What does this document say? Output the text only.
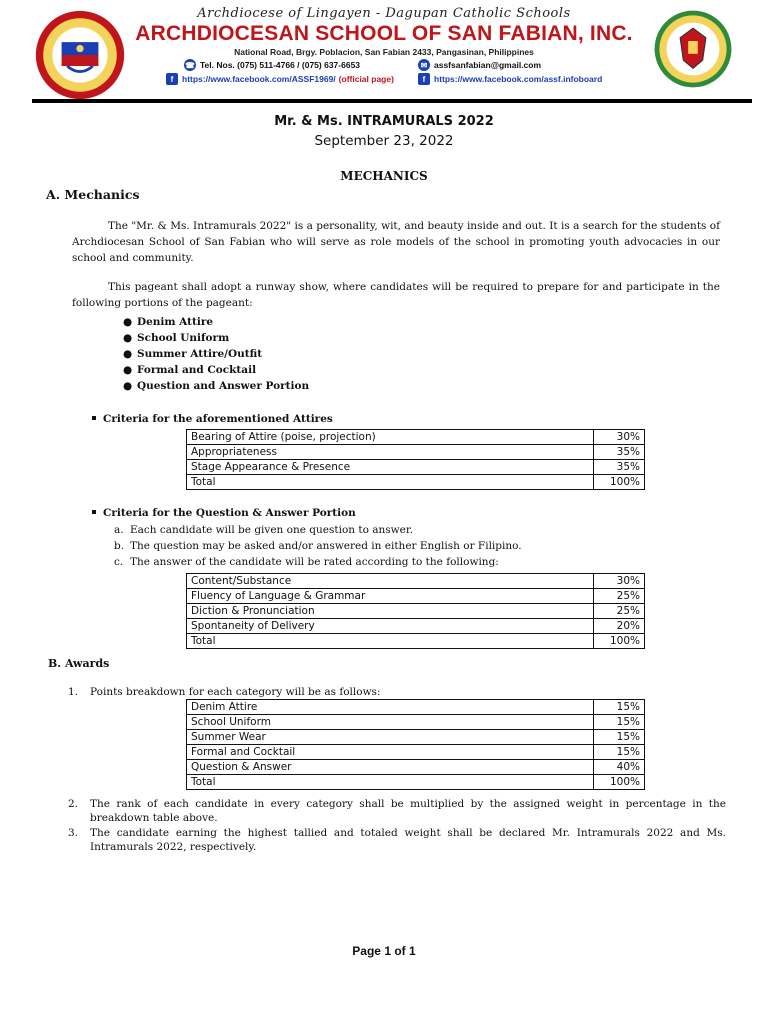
Archdiocese of Lingayen - Dagupan Catholic Schools
ARCHDIOCESAN SCHOOL OF SAN FABIAN, INC.
National Road, Brgy. Poblacion, San Fabian 2433, Pangasinan, Philippines
☎ Tel. Nos. (075) 511-4766 / (075) 637-6653	✉ assfsanfabian@gmail.com
f	https://www.facebook.com/ASSF1969/ (official page)	f	https://www.facebook.com/assf.infoboard
Mr. & Ms. INTRAMURALS 2022
September 23, 2022
MECHANICS
A. Mechanics
The "Mr. & Ms. Intramurals 2022" is a personality, wit, and beauty inside and out. It is a search for the students of Archdiocesan School of San Fabian who will serve as role models of the school in promoting youth advocacies in our school and community.
This pageant shall adopt a runway show, where candidates will be required to prepare for and participate in the following portions of the pageant:
● Denim Attire
● School Uniform
● Summer Attire/Outfit
● Formal and Cocktail
● Question and Answer Portion
Criteria for the aforementioned Attires
Bearing of Attire (poise, projection)	30%
Appropriateness	35%
Stage Appearance & Presence	35%
Total	100%
Criteria for the Question & Answer Portion
a. Each candidate will be given one question to answer.
b. The question may be asked and/or answered in either English or Filipino.
c. The answer of the candidate will be rated according to the following:
Content/Substance	30%
Fluency of Language & Grammar	25%
Diction & Pronunciation	25%
Spontaneity of Delivery	20%
Total	100%
B. Awards
1. Points breakdown for each category will be as follows:
Denim Attire	15%
School Uniform	15%
Summer Wear	15%
Formal and Cocktail	15%
Question & Answer	40%
Total	100%
2. The rank of each candidate in every category shall be multiplied by the assigned weight in percentage in the breakdown table above.
3. The candidate earning the highest tallied and totaled weight shall be declared Mr. Intramurals 2022 and Ms. Intramurals 2022, respectively.
Page 1 of 1
